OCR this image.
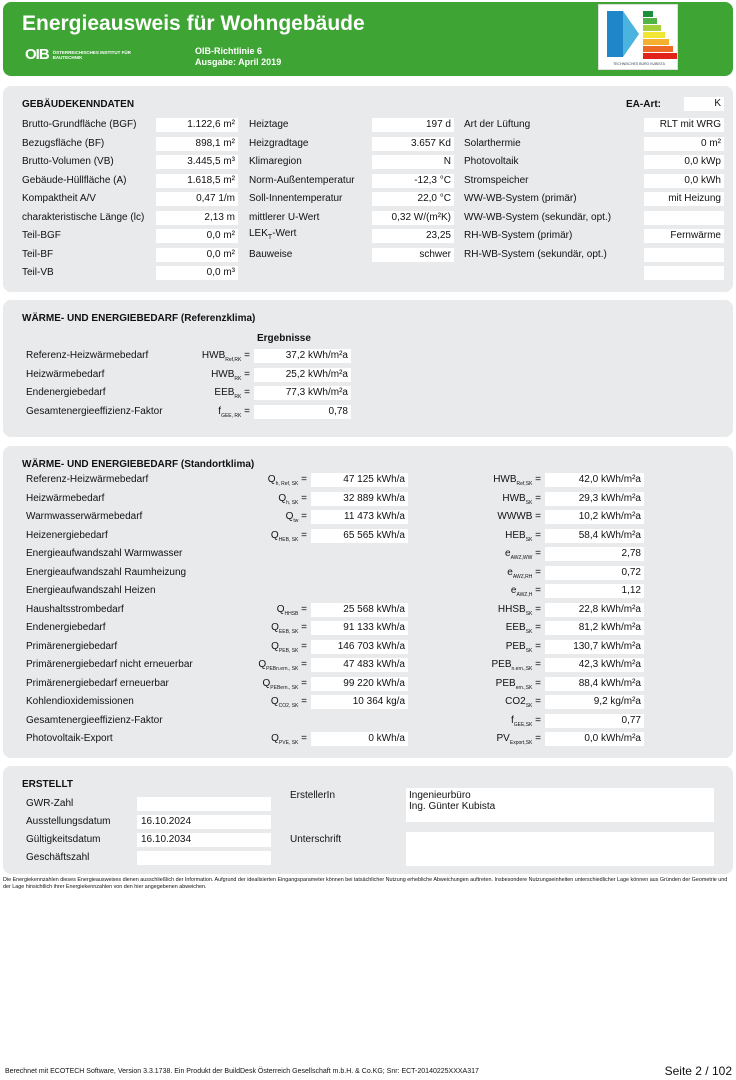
Energieausweis für Wohngebäude
OIB ÖSTERREICHISCHES INSTITUT FÜR BAUTECHNIK
OIB-Richtlinie 6
Ausgabe: April 2019	TECHNISCHES BÜRO KUBISTA
GEBÄUDEKENNDATEN	EA-Art:	K
Brutto-Grundfläche (BGF)	1.122,6 m²
Bezugsfläche (BF)	898,1 m²
Brutto-Volumen (VB)	3.445,5 m³
Gebäude-Hüllfläche (A)	1.618,5 m²
Kompaktheit A/V	0,47 1/m
charakteristische Länge (lc)	2,13 m
Teil-BGF	0,0 m²
Teil-BF	0,0 m²
Teil-VB	0,0 m³
Heiztage	197 d
Heizgradtage	3.657 Kd
Klimaregion	N
Norm-Außentemperatur	-12,3 °C
Soll-Innentemperatur	22,0 °C
mittlerer U-Wert	0,32 W/(m²K)
$LEK_T$-Wert	23,25
Bauweise	schwer
Art der Lüftung	RLT mit WRG
Solarthermie	0 m²
Photovoltaik	0,0 kWp
Stromspeicher	0,0 kWh
WW-WB-System (primär)	mit Heizung
WW-WB-System (sekundär, opt.)
RH-WB-System (primär)	Fernwärme
RH-WB-System (sekundär, opt.)
WÄRME- UND ENERGIEBEDARF (Referenzklima)
Ergebnisse
Referenz-Heizwärmebedarf	$HWB_{Ref,RK}$ =	37,2 kWh/m²a
Heizwärmebedarf	$HWB_{RK}$ =	25,2 kWh/m²a
Endenergiebedarf	$EEB_{RK}$ =	77,3 kWh/m²a
Gesamtenergieeffizienz-Faktor	$f_{GEE, RK}$ =	0,78
WÄRME- UND ENERGIEBEDARF (Standortklima)
Referenz-Heizwärmebedarf	$Q_{h, Ref, SK}$ =	47 125 kWh/a	$HWB_{Ref,SK}$ =	42,0 kWh/m²a
Heizwärmebedarf	$Q_{h, SK}$ =	32 889 kWh/a	$HWB_{SK}$ =	29,3 kWh/m²a
Warmwasserwärmebedarf	$Q_{tw}$ =	11 473 kWh/a	WWWB =	10,2 kWh/m²a
Heizenergiebedarf	$Q_{HEB, SK}$ =	65 565 kWh/a	$HEB_{SK}$ =	58,4 kWh/m²a
Energieaufwandszahl Warmwasser	$e_{AWZ,WW}$ =	2,78
Energieaufwandszahl Raumheizung	$e_{AWZ,RH}$ =	0,72
Energieaufwandszahl Heizen	$e_{AWZ,H}$ =	1,12
Haushaltsstrombedarf	$Q_{HHSB}$ =	25 568 kWh/a	$HHSB_{SK}$ =	22,8 kWh/m²a
Endenergiebedarf	$Q_{EEB, SK}$ =	91 133 kWh/a	$EEB_{SK}$ =	81,2 kWh/m²a
Primärenergiebedarf	$Q_{PEB, SK}$ =	146 703 kWh/a	$PEB_{SK}$ =	130,7 kWh/m²a
Primärenergiebedarf nicht erneuerbar	$Q_{PEBn.ern., SK}$ =	47 483 kWh/a	$PEB_{n.ern.,SK}$ =	42,3 kWh/m²a
Primärenergiebedarf erneuerbar	$Q_{PEBern., SK}$ =	99 220 kWh/a	$PEB_{ern.,SK}$ =	88,4 kWh/m²a
Kohlendioxidemissionen	$Q_{CO2, SK}$ =	10 364 kg/a	$CO2_{SK}$ =	9,2 kg/m²a
Gesamtenergieeffizienz-Faktor	$f_{GEE,SK}$ =	0,77
Photovoltaik-Export	$Q_{PVE, SK}$ =	0 kWh/a	$PV_{Export,SK}$ =	0,0 kWh/m²a
ERSTELLT
GWR-Zahl
Ausstellungsdatum	16.10.2024
Gültigkeitsdatum	16.10.2034
Geschäftszahl
ErstellerIn	Ingenieurbüro
Ing. Günter Kubista
Unterschrift
Die Energiekennzahlen dieses Energieausweises dienen ausschließlich der Information. Aufgrund der idealisierten Eingangsparameter können bei tatsächlicher Nutzung erhebliche Abweichungen auftreten. Insbesondere Nutzungseinheiten unterschiedlicher Lage können aus Gründen der Geometrie und der Lage hinsichtlich ihrer Energiekennzahlen von den hier angegebenen abweichen.
Berechnet mit ECOTECH Software, Version 3.3.1738. Ein Produkt der BuildDesk Österreich Gesellschaft m.b.H. & Co.KG; Snr: ECT-20140225XXXA317	Seite 2 / 102
